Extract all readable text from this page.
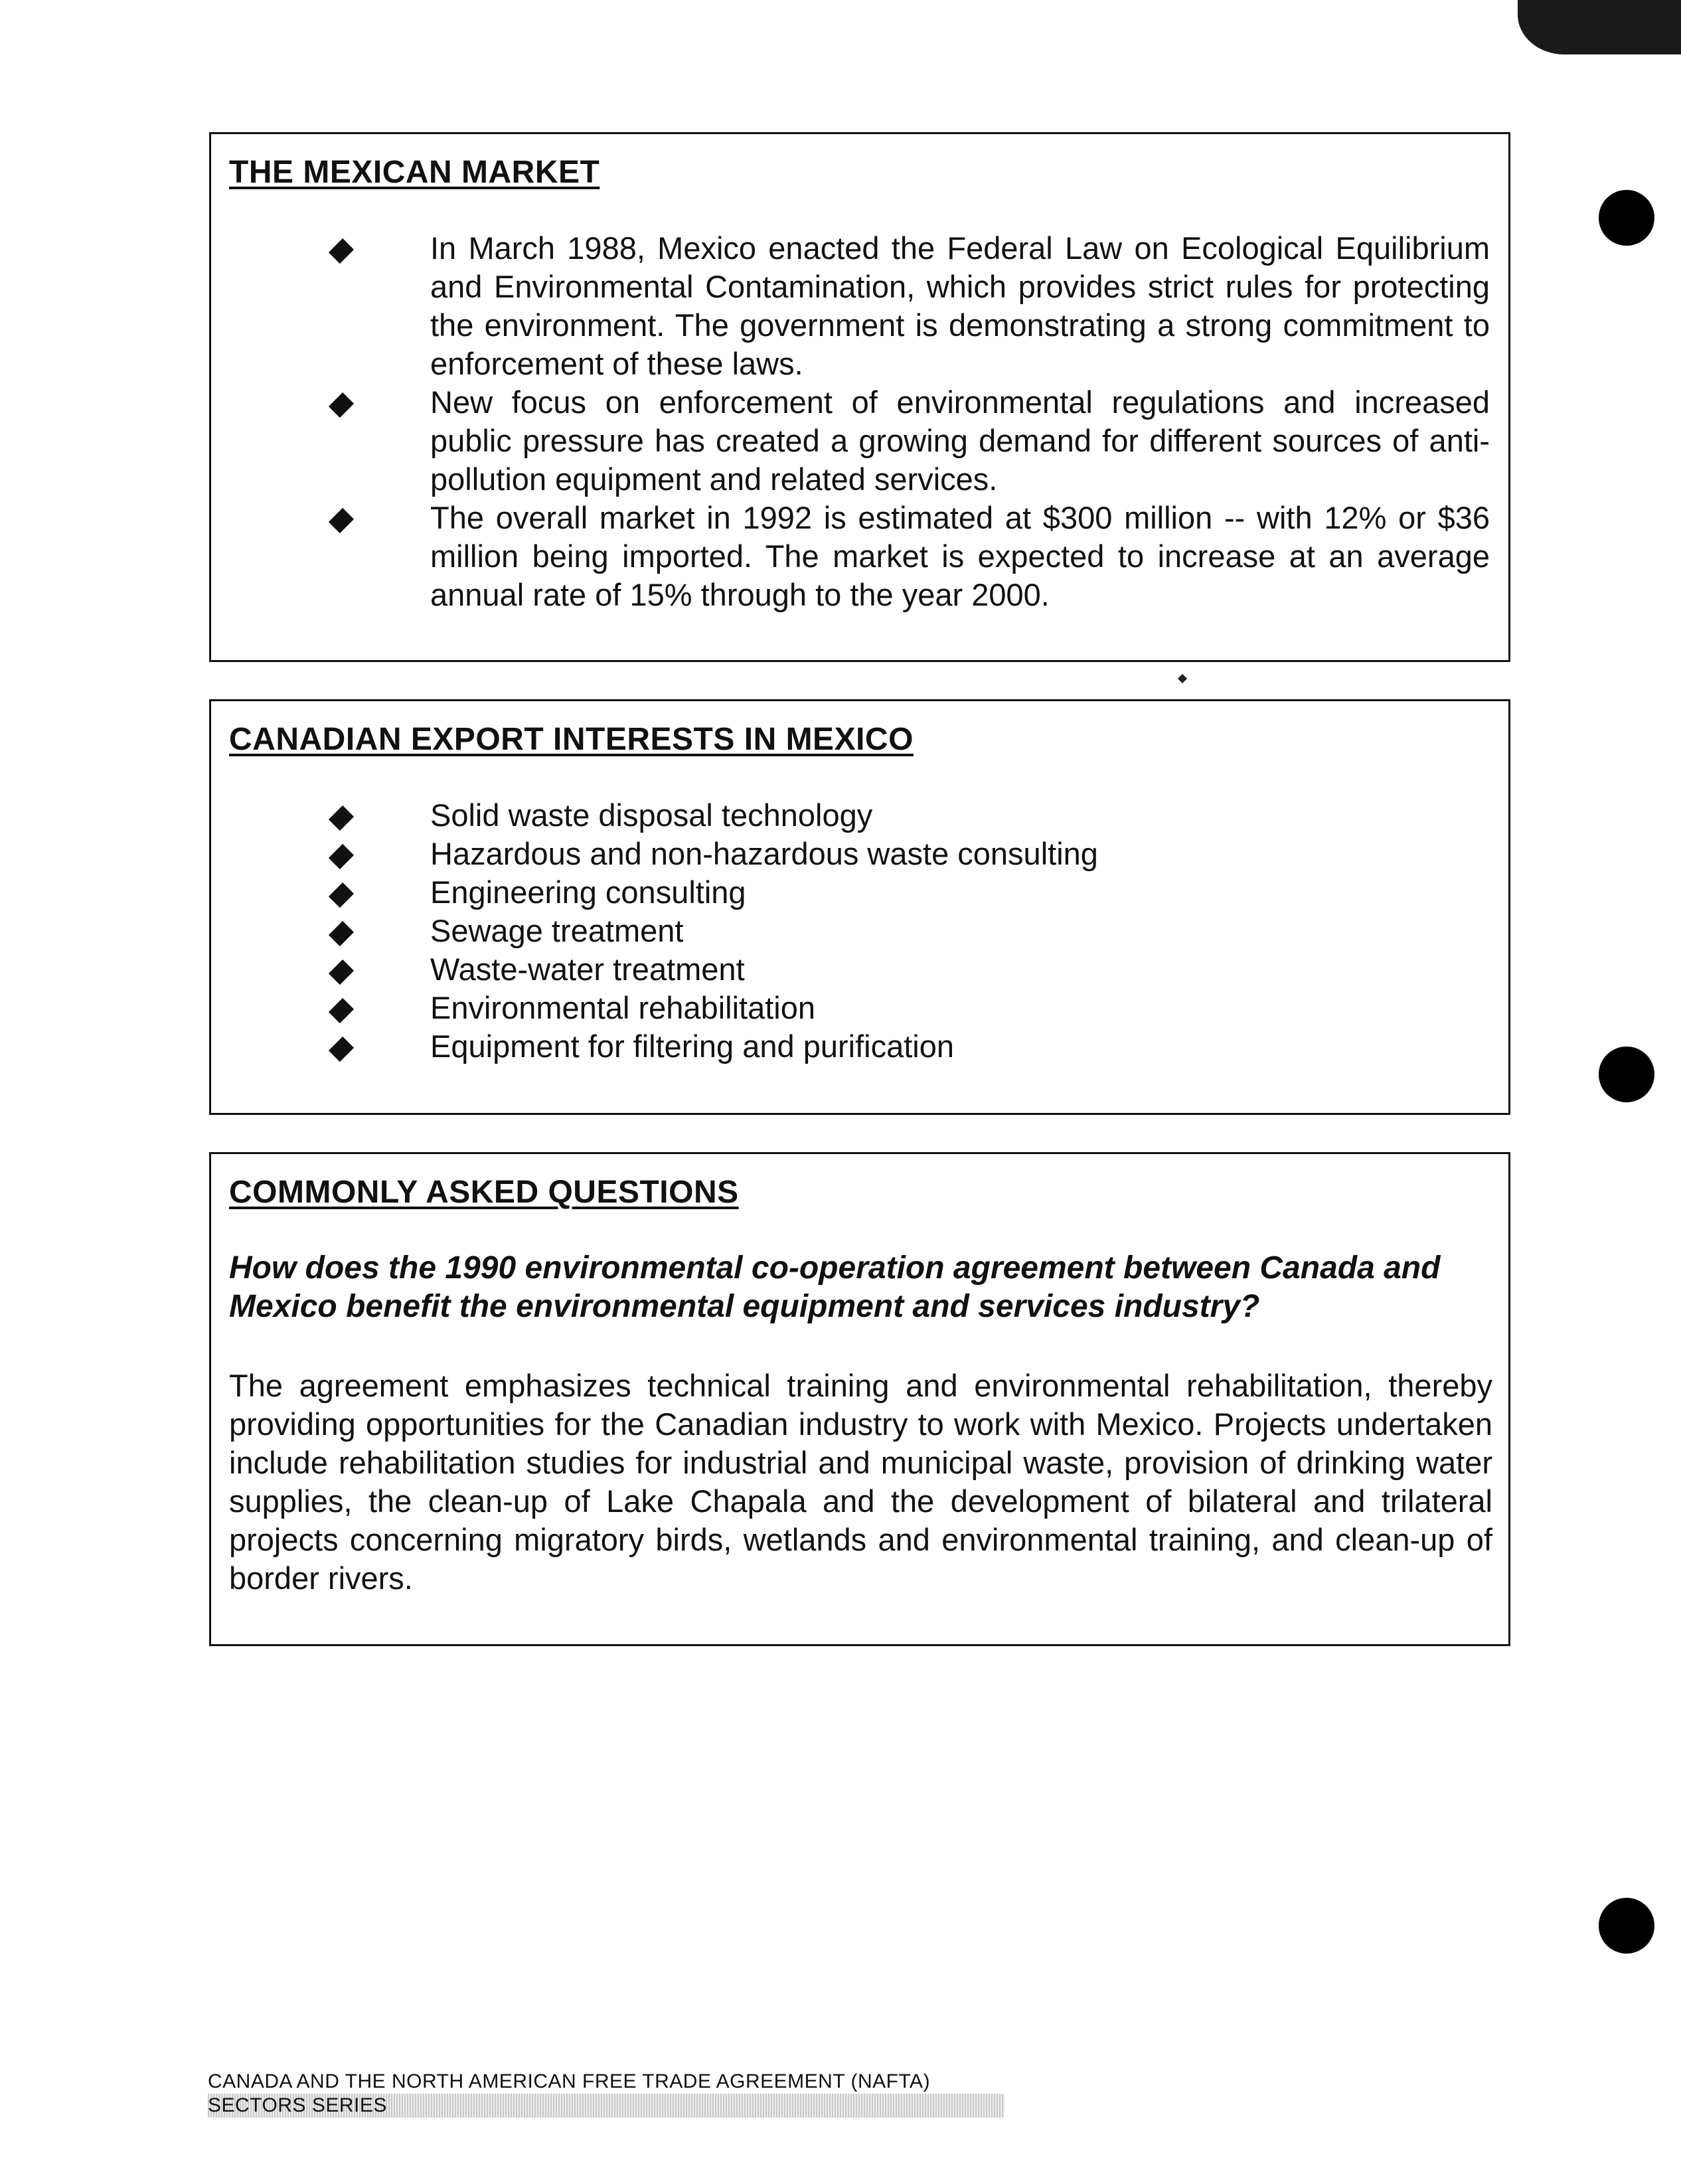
THE MEXICAN MARKET
In March 1988, Mexico enacted the Federal Law on Ecological Equilibrium and Environmental Contamination, which provides strict rules for protecting the environment. The government is demonstrating a strong commitment to enforcement of these laws.
New focus on enforcement of environmental regulations and increased public pressure has created a growing demand for different sources of anti-pollution equipment and related services.
The overall market in 1992 is estimated at $300 million -- with 12% or $36 million being imported. The market is expected to increase at an average annual rate of 15% through to the year 2000.
CANADIAN EXPORT INTERESTS IN MEXICO
Solid waste disposal technology
Hazardous and non-hazardous waste consulting
Engineering consulting
Sewage treatment
Waste-water treatment
Environmental rehabilitation
Equipment for filtering and purification
COMMONLY ASKED QUESTIONS

How does the 1990 environmental co-operation agreement between Canada and Mexico benefit the environmental equipment and services industry?

The agreement emphasizes technical training and environmental rehabilitation, thereby providing opportunities for the Canadian industry to work with Mexico. Projects undertaken include rehabilitation studies for industrial and municipal waste, provision of drinking water supplies, the clean-up of Lake Chapala and the development of bilateral and trilateral projects concerning migratory birds, wetlands and environmental training, and clean-up of border rivers.

CANADA AND THE NORTH AMERICAN FREE TRADE AGREEMENT (NAFTA)
SECTORS SERIES
